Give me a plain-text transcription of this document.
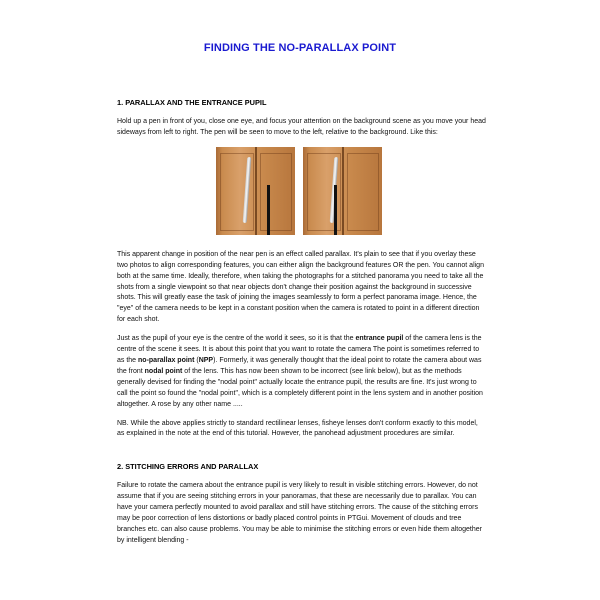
FINDING THE NO-PARALLAX POINT
1. PARALLAX AND THE ENTRANCE PUPIL

Hold up a pen in front of you, close one eye, and focus your attention on the background scene as you move your head sideways from left to right. The pen will be seen to move to the left, relative to the background. Like this:

This apparent change in position of the near pen is an effect called parallax. It's plain to see that if you overlay these two photos to align corresponding features, you can either align the background features OR the pen. You cannot align both at the same time. Ideally, therefore, when taking the photographs for a stitched panorama you need to take all the shots from a single viewpoint so that near objects don't change their position against the background in successive shots. This will greatly ease the task of joining the images seamlessly to form a perfect panorama image. Hence, the "eye" of the camera needs to be kept in a constant position when the camera is rotated to point in a different direction for each shot.

Just as the pupil of your eye is the centre of the world it sees, so it is that the entrance pupil of the camera lens is the centre of the scene it sees. It is about this point that you want to rotate the camera The point is sometimes referred to as the no-parallax point (NPP). Formerly, it was generally thought that the ideal point to rotate the camera about was the front nodal point of the lens. This has now been shown to be incorrect (see link below), but as the methods generally devised for finding the "nodal point" actually locate the entrance pupil, the results are fine. It's just wrong to call the point so found the "nodal point", which is a completely different point in the lens system and in another position altogether. A rose by any other name .....

NB. While the above applies strictly to standard rectilinear lenses, fisheye lenses don't conform exactly to this model, as explained in the note at the end of this tutorial. However, the panohead adjustment procedures are similar.

2. STITCHING ERRORS AND PARALLAX

Failure to rotate the camera about the entrance pupil is very likely to result in visible stitching errors. However, do not assume that if you are seeing stitching errors in your panoramas, that these are necessarily due to parallax. You can have your camera perfectly mounted to avoid parallax and still have stitching errors. The cause of the stitching errors may be poor correction of lens distortions or badly placed control points in PTGui. Movement of clouds and tree branches etc. can also cause problems. You may be able to minimise the stitching errors or even hide them altogether by intelligent blending -
